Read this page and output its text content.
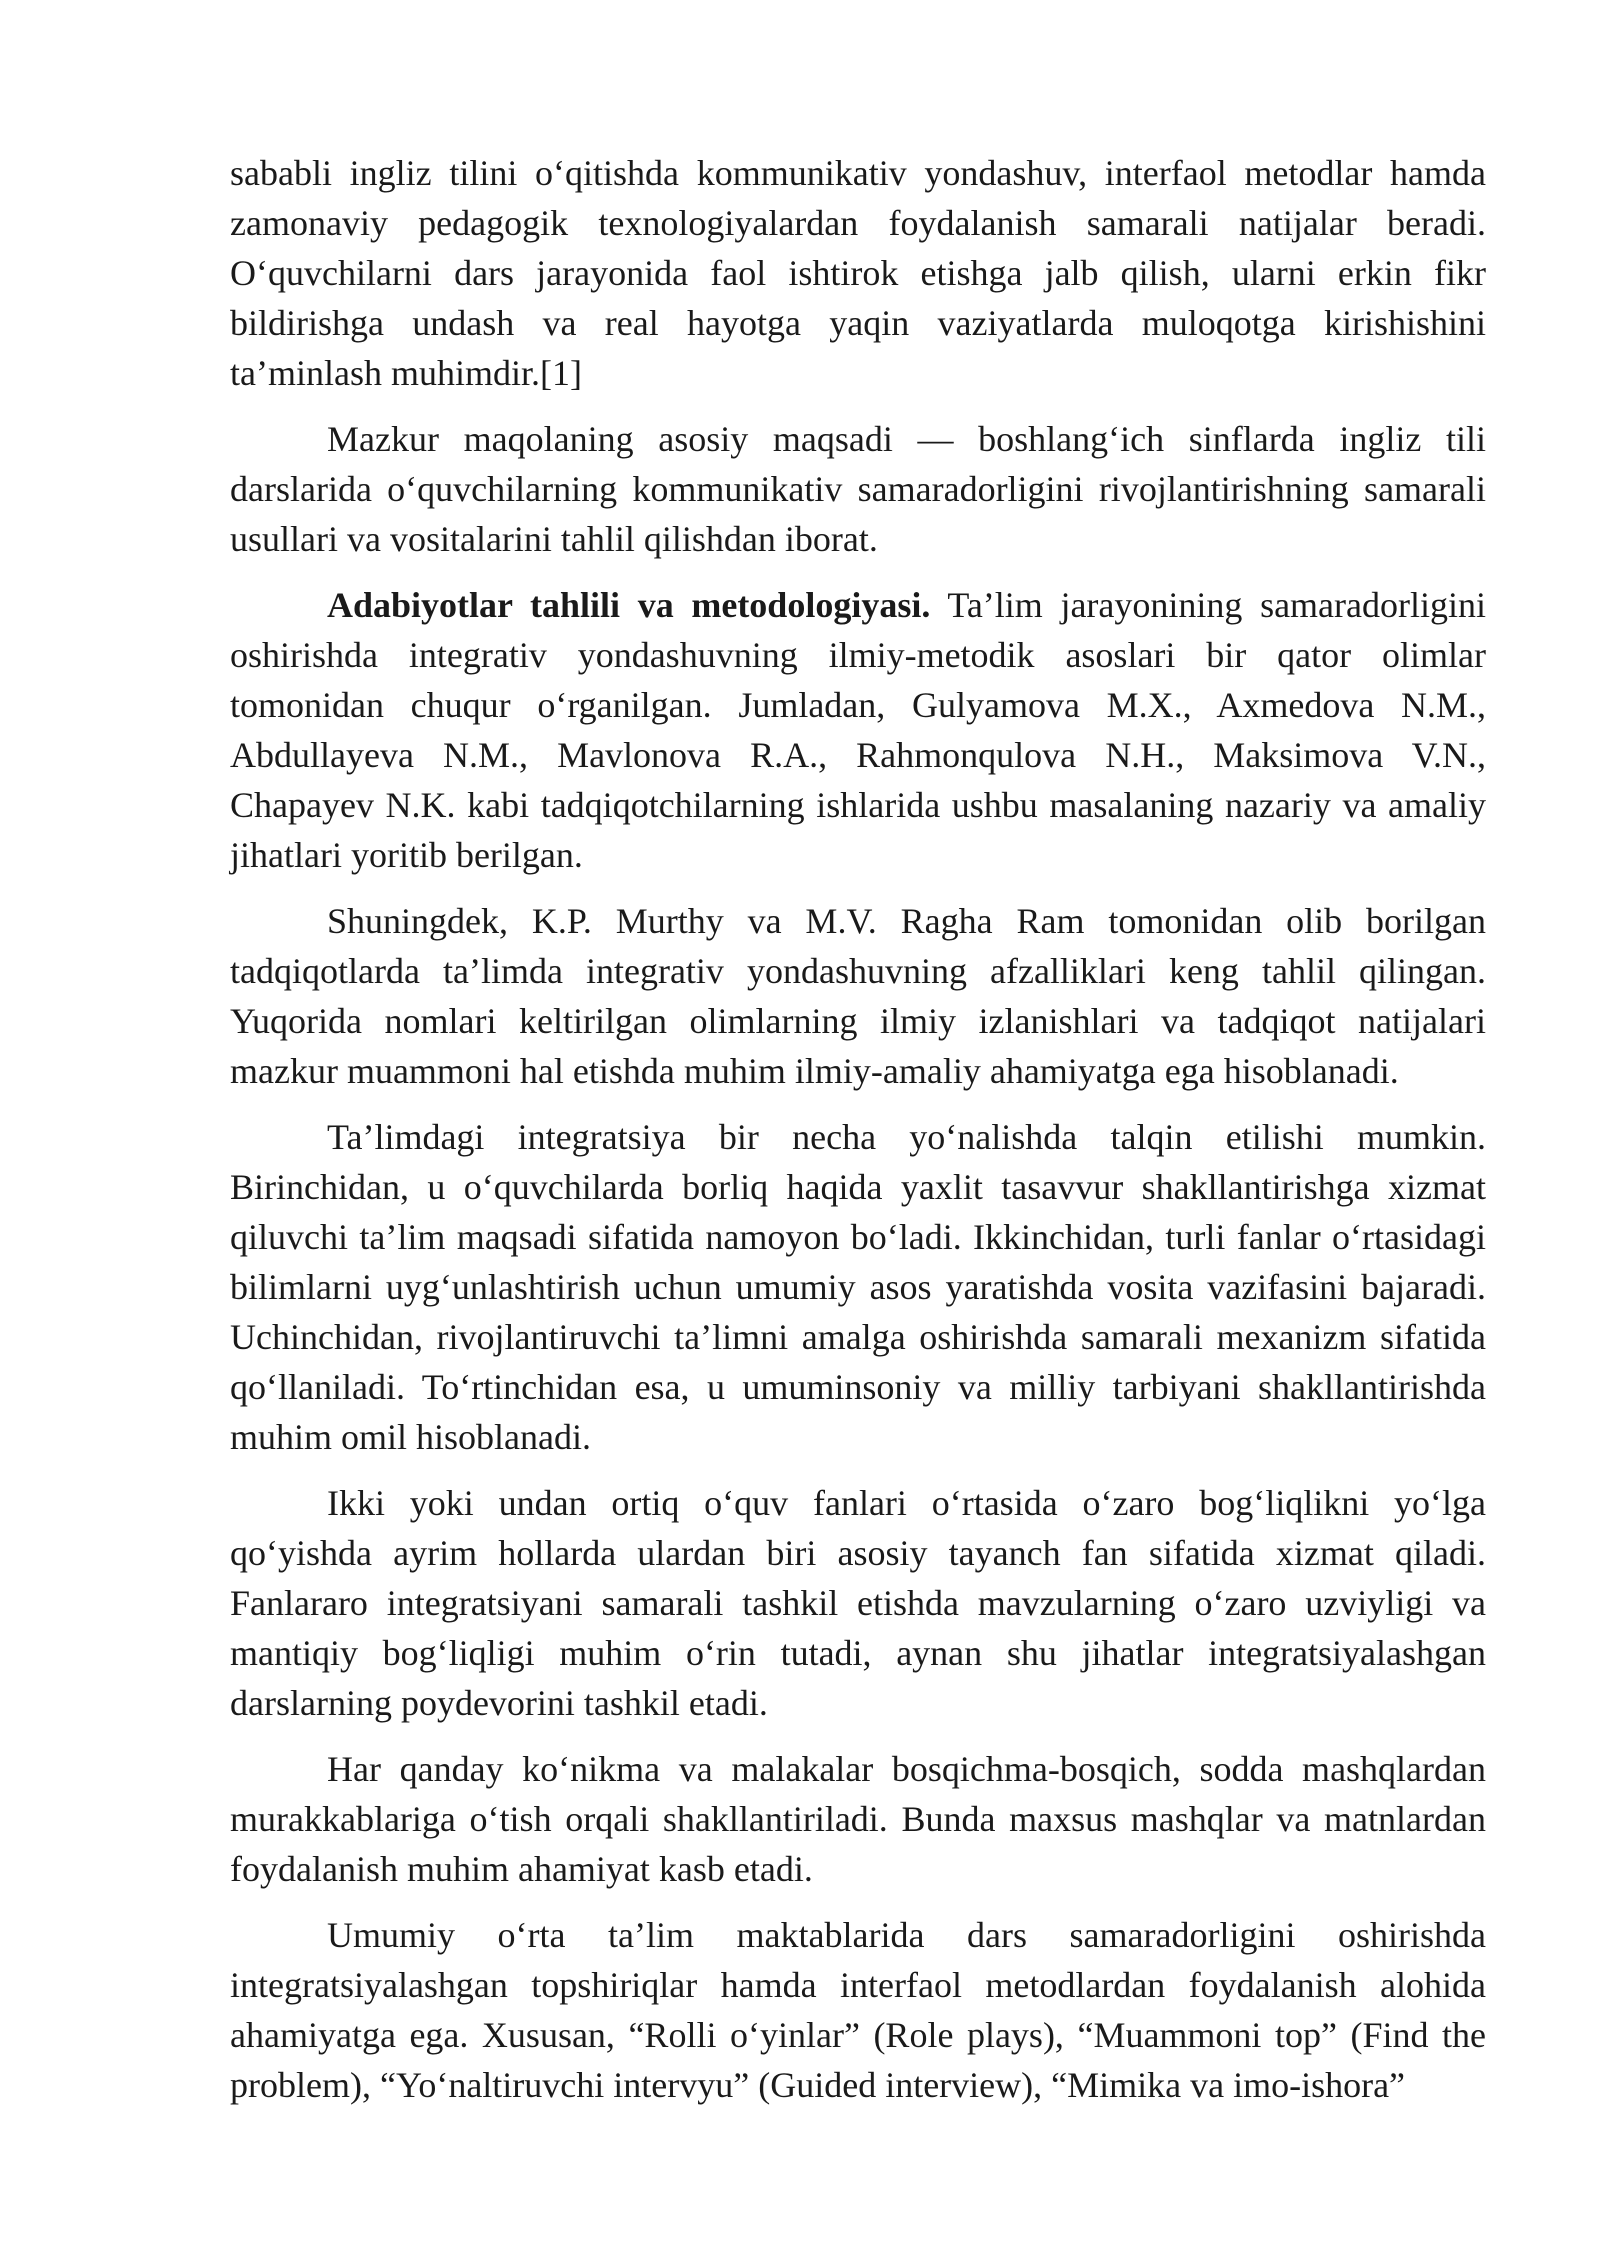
sababli ingliz tilini o‘qitishda kommunikativ yondashuv, interfaol metodlar hamda zamonaviy pedagogik texnologiyalardan foydalanish samarali natijalar beradi. O‘quvchilarni dars jarayonida faol ishtirok etishga jalb qilish, ularni erkin fikr bildirishga undash va real hayotga yaqin vaziyatlarda muloqotga kirishishini ta’minlash muhimdir.[1]

Mazkur maqolaning asosiy maqsadi — boshlang‘ich sinflarda ingliz tili darslarida o‘quvchilarning kommunikativ samaradorligini rivojlantirishning samarali usullari va vositalarini tahlil qilishdan iborat.

Adabiyotlar tahlili va metodologiyasi. Ta’lim jarayonining samaradorligini oshirishda integrativ yondashuvning ilmiy-metodik asoslari bir qator olimlar tomonidan chuqur o‘rganilgan. Jumladan, Gulyamova M.X., Axmedova N.M., Abdullayeva N.M., Mavlonova R.A., Rahmonqulova N.H., Maksimova V.N., Chapayev N.K. kabi tadqiqotchilarning ishlarida ushbu masalaning nazariy va amaliy jihatlari yoritib berilgan.

Shuningdek, K.P. Murthy va M.V. Ragha Ram tomonidan olib borilgan tadqiqotlarda ta’limda integrativ yondashuvning afzalliklari keng tahlil qilingan. Yuqorida nomlari keltirilgan olimlarning ilmiy izlanishlari va tadqiqot natijalari mazkur muammoni hal etishda muhim ilmiy-amaliy ahamiyatga ega hisoblanadi.

Ta’limdagi integratsiya bir necha yo‘nalishda talqin etilishi mumkin. Birinchidan, u o‘quvchilarda borliq haqida yaxlit tasavvur shakllantirishga xizmat qiluvchi ta’lim maqsadi sifatida namoyon bo‘ladi. Ikkinchidan, turli fanlar o‘rtasidagi bilimlarni uyg‘unlashtirish uchun umumiy asos yaratishda vosita vazifasini bajaradi. Uchinchidan, rivojlantiruvchi ta’limni amalga oshirishda samarali mexanizm sifatida qo‘llaniladi. To‘rtinchidan esa, u umuminsoniy va milliy tarbiyani shakllantirishda muhim omil hisoblanadi.

Ikki yoki undan ortiq o‘quv fanlari o‘rtasida o‘zaro bog‘liqlikni yo‘lga qo‘yishda ayrim hollarda ulardan biri asosiy tayanch fan sifatida xizmat qiladi. Fanlararo integratsiyani samarali tashkil etishda mavzularning o‘zaro uzviyligi va mantiqiy bog‘liqligi muhim o‘rin tutadi, aynan shu jihatlar integratsiyalashgan darslarning poydevorini tashkil etadi.

Har qanday ko‘nikma va malakalar bosqichma-bosqich, sodda mashqlardan murakkablariga o‘tish orqali shakllantiriladi. Bunda maxsus mashqlar va matnlardan foydalanish muhim ahamiyat kasb etadi.

Umumiy o‘rta ta’lim maktablarida dars samaradorligini oshirishda integratsiyalashgan topshiriqlar hamda interfaol metodlardan foydalanish alohida ahamiyatga ega. Xususan, “Rolli o‘yinlar” (Role plays), “Muammoni top” (Find the problem), “Yo‘naltiruvchi intervyu” (Guided interview), “Mimika va imo-ishora”
